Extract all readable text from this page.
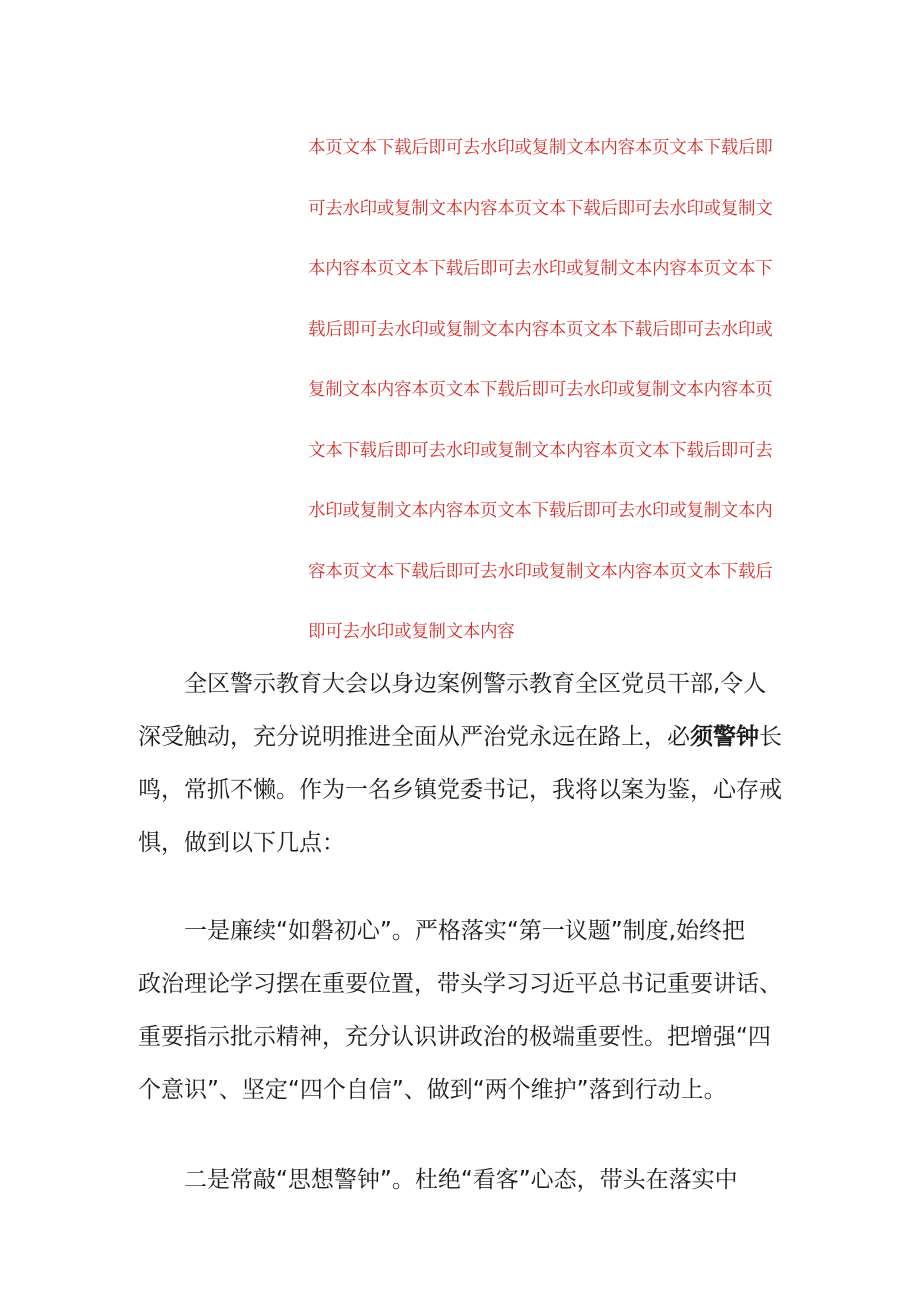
本页文本下载后即可去水印或复制文本内容本页文本下载后即
可去水印或复制文本内容本页文本下载后即可去水印或复制文
本内容本页文本下载后即可去水印或复制文本内容本页文本下
载后即可去水印或复制文本内容本页文本下载后即可去水印或
复制文本内容本页文本下载后即可去水印或复制文本内容本页
文本下载后即可去水印或复制文本内容本页文本下载后即可去
水印或复制文本内容本页文本下载后即可去水印或复制文本内
容本页文本下载后即可去水印或复制文本内容本页文本下载后
即可去水印或复制文本内容

全区警示教育大会以身边案例警示教育全区党员干部,令人
深受触动，充分说明推进全面从严治党永远在路上，必须警钟长
鸣，常抓不懒。作为一名乡镇党委书记，我将以案为鉴，心存戒
惧，做到以下几点：

一是廉续“如磐初心”。严格落实“第一议题”制度,始终把
政治理论学习摆在重要位置，带头学习习近平总书记重要讲话、
重要指示批示精神，充分认识讲政治的极端重要性。把增强“四
个意识”、坚定“四个自信”、做到“两个维护”落到行动上。

二是常敲“思想警钟”。杜绝“看客”心态，带头在落实中
